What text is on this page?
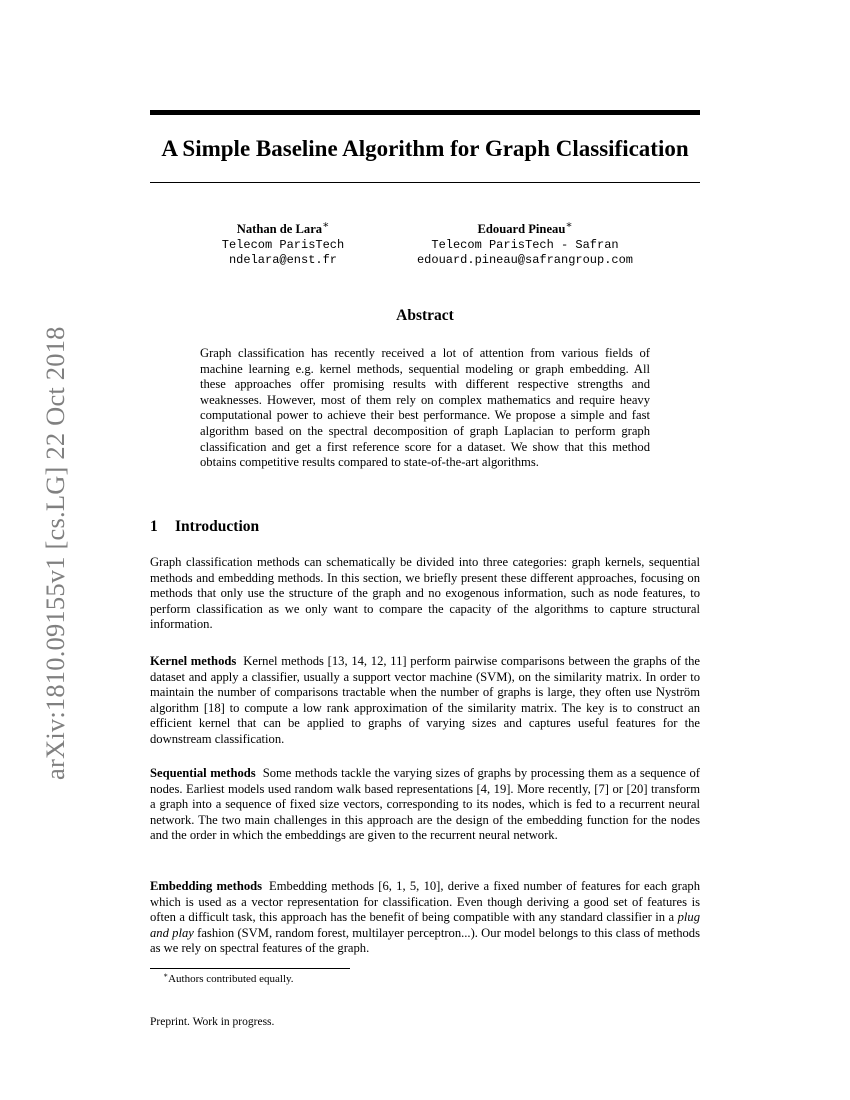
arXiv:1810.09155v1 [cs.LG] 22 Oct 2018
A Simple Baseline Algorithm for Graph Classification
Nathan de Lara∗
Telecom ParisTech
ndelara@enst.fr
Edouard Pineau∗
Telecom ParisTech - Safran
edouard.pineau@safrangroup.com
Abstract

Graph classification has recently received a lot of attention from various fields of machine learning e.g. kernel methods, sequential modeling or graph embedding. All these approaches offer promising results with different respective strengths and weaknesses. However, most of them rely on complex mathematics and require heavy computational power to achieve their best performance. We propose a simple and fast algorithm based on the spectral decomposition of graph Laplacian to perform graph classification and get a first reference score for a dataset. We show that this method obtains competitive results compared to state-of-the-art algorithms.

1 Introduction

Graph classification methods can schematically be divided into three categories: graph kernels, sequential methods and embedding methods. In this section, we briefly present these different approaches, focusing on methods that only use the structure of the graph and no exogenous information, such as node features, to perform classification as we only want to compare the capacity of the algorithms to capture structural information.

Kernel methods Kernel methods [13, 14, 12, 11] perform pairwise comparisons between the graphs of the dataset and apply a classifier, usually a support vector machine (SVM), on the similarity matrix. In order to maintain the number of comparisons tractable when the number of graphs is large, they often use Nyström algorithm [18] to compute a low rank approximation of the similarity matrix. The key is to construct an efficient kernel that can be applied to graphs of varying sizes and captures useful features for the downstream classification.

Sequential methods Some methods tackle the varying sizes of graphs by processing them as a sequence of nodes. Earliest models used random walk based representations [4, 19]. More recently, [7] or [20] transform a graph into a sequence of fixed size vectors, corresponding to its nodes, which is fed to a recurrent neural network. The two main challenges in this approach are the design of the embedding function for the nodes and the order in which the embeddings are given to the recurrent neural network.

Embedding methods Embedding methods [6, 1, 5, 10], derive a fixed number of features for each graph which is used as a vector representation for classification. Even though deriving a good set of features is often a difficult task, this approach has the benefit of being compatible with any standard classifier in a plug and play fashion (SVM, random forest, multilayer perceptron...). Our model belongs to this class of methods as we rely on spectral features of the graph.

∗Authors contributed equally.

Preprint. Work in progress.
